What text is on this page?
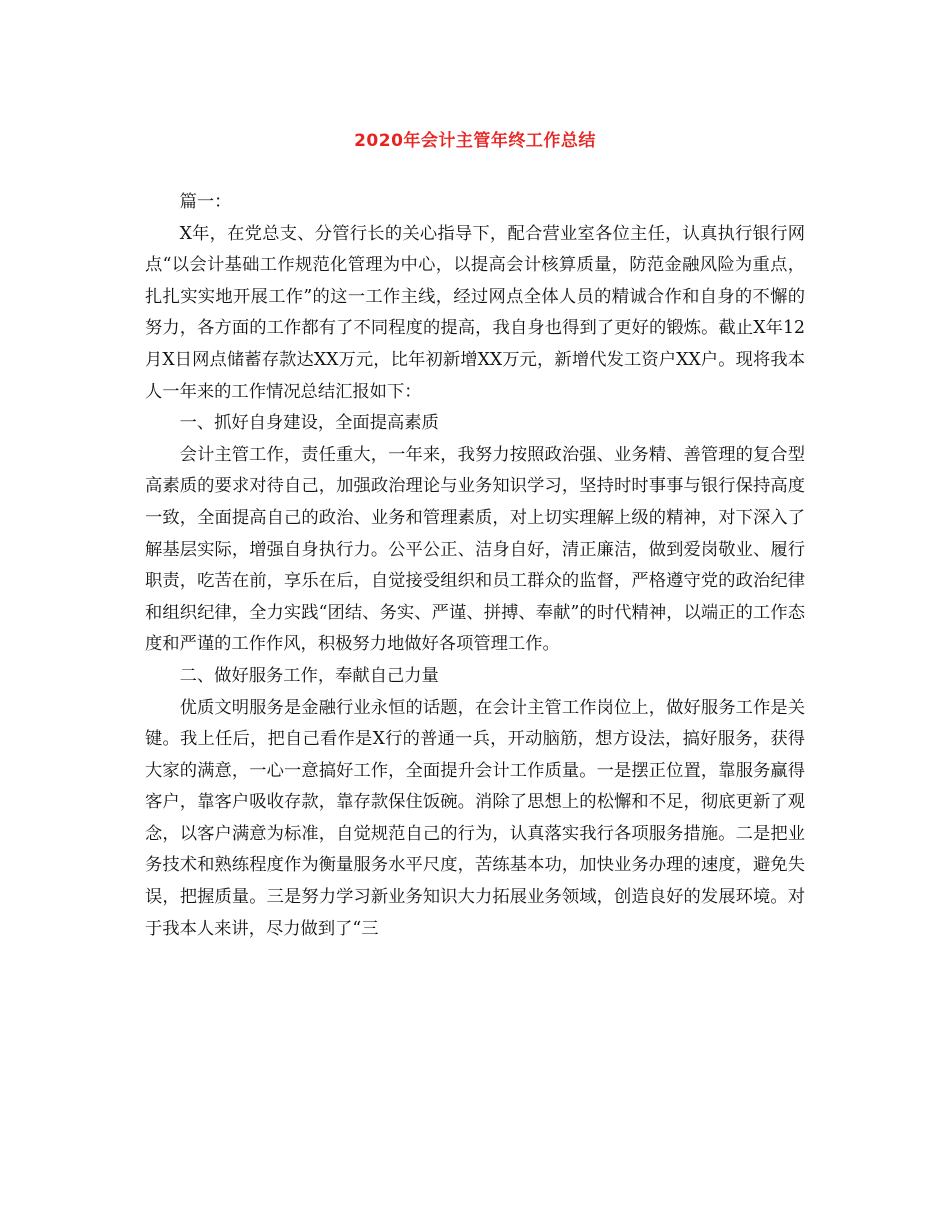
2020年会计主管年终工作总结

篇一：

X年，在党总支、分管行长的关心指导下，配合营业室各位主任，认真执行银行网点“以会计基础工作规范化管理为中心，以提高会计核算质量，防范金融风险为重点，扎扎实实地开展工作”的这一工作主线，经过网点全体人员的精诚合作和自身的不懈的努力，各方面的工作都有了不同程度的提高，我自身也得到了更好的锻炼。截止X年12月X日网点储蓄存款达XX万元，比年初新增XX万元，新增代发工资户XX户。现将我本人一年来的工作情况总结汇报如下：

一、抓好自身建设，全面提高素质

会计主管工作，责任重大，一年来，我努力按照政治强、业务精、善管理的复合型高素质的要求对待自己，加强政治理论与业务知识学习，坚持时时事事与银行保持高度一致，全面提高自己的政治、业务和管理素质，对上切实理解上级的精神，对下深入了解基层实际，增强自身执行力。公平公正、洁身自好，清正廉洁，做到爱岗敬业、履行职责，吃苦在前，享乐在后，自觉接受组织和员工群众的监督，严格遵守党的政治纪律和组织纪律，全力实践“团结、务实、严谨、拼搏、奉献”的时代精神，以端正的工作态度和严谨的工作作风，积极努力地做好各项管理工作。

二、做好服务工作，奉献自己力量

优质文明服务是金融行业永恒的话题，在会计主管工作岗位上，做好服务工作是关键。我上任后，把自己看作是X行的普通一兵，开动脑筋，想方设法，搞好服务，获得大家的满意，一心一意搞好工作，全面提升会计工作质量。一是摆正位置，靠服务赢得客户，靠客户吸收存款，靠存款保住饭碗。消除了思想上的松懈和不足，彻底更新了观念，以客户满意为标准，自觉规范自己的行为，认真落实我行各项服务措施。二是把业务技术和熟练程度作为衡量服务水平尺度，苦练基本功，加快业务办理的速度，避免失误，把握质量。三是努力学习新业务知识大力拓展业务领域，创造良好的发展环境。对于我本人来讲，尽力做到了“三
